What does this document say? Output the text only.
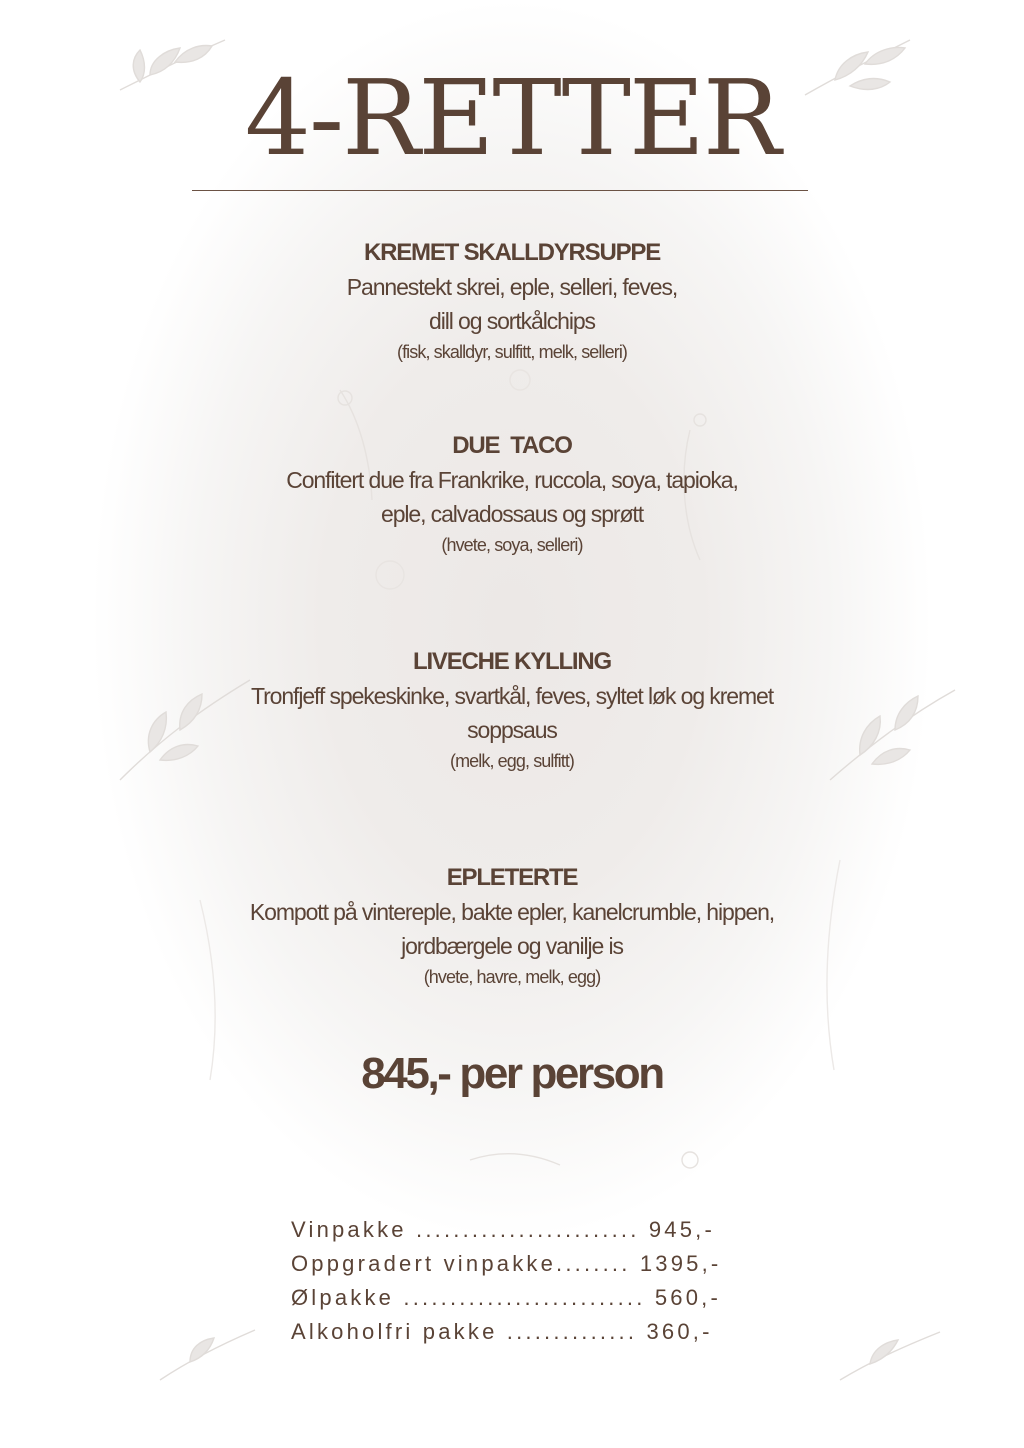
4-RETTER
KREMET SKALLDYRSUPPE
Pannestekt skrei, eple, selleri, feves,
dill og sortkålchips
(fisk, skalldyr, sulfitt, melk, selleri)
DUE  TACO
Confitert due fra Frankrike, ruccola, soya, tapioka,
eple, calvadossaus og sprøtt
(hvete, soya, selleri)
LIVECHE KYLLING
Tronfjeff spekeskinke, svartkål, feves, syltet løk og kremet
soppsaus
(melk, egg, sulfitt)
EPLETERTE
Kompott på vintereple, bakte epler, kanelcrumble, hippen,
jordbærgele og vanilje is
(hvete, havre, melk, egg)
845,- per person
Vinpakke ........................ 945,-
Oppgradert vinpakke........ 1395,-
Ølpakke .......................... 560,-
Alkoholfri pakke .............. 360,-
